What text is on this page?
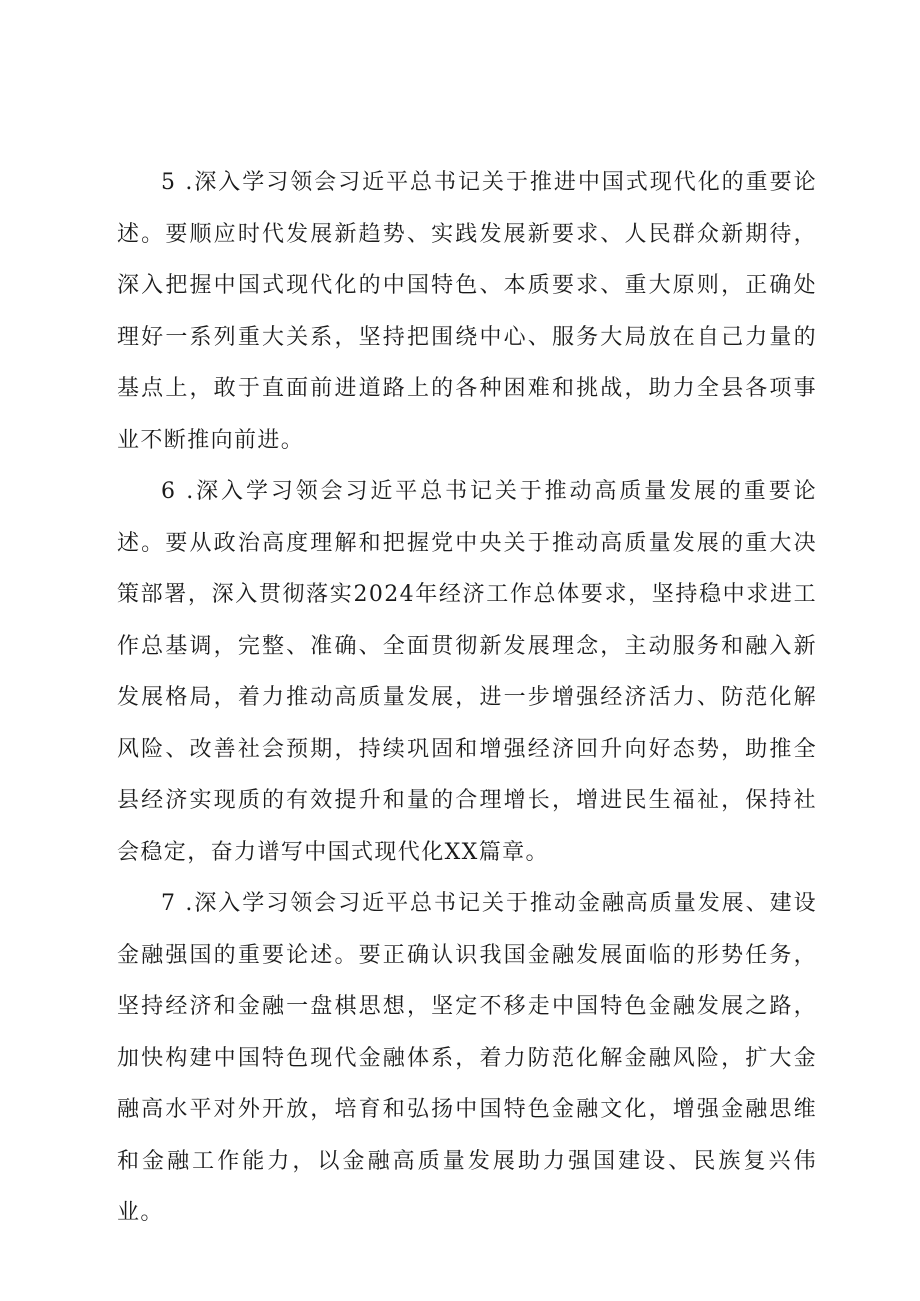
5 .深入学习领会习近平总书记关于推进中国式现代化的重要论述。要顺应时代发展新趋势、实践发展新要求、人民群众新期待，深入把握中国式现代化的中国特色、本质要求、重大原则，正确处理好一系列重大关系，坚持把围绕中心、服务大局放在自己力量的基点上，敢于直面前进道路上的各种困难和挑战，助力全县各项事业不断推向前进。

6 .深入学习领会习近平总书记关于推动高质量发展的重要论述。要从政治高度理解和把握党中央关于推动高质量发展的重大决策部署，深入贯彻落实2024年经济工作总体要求，坚持稳中求进工作总基调，完整、准确、全面贯彻新发展理念，主动服务和融入新发展格局，着力推动高质量发展，进一步增强经济活力、防范化解风险、改善社会预期，持续巩固和增强经济回升向好态势，助推全县经济实现质的有效提升和量的合理增长，增进民生福祉，保持社会稳定，奋力谱写中国式现代化XX篇章。

7 .深入学习领会习近平总书记关于推动金融高质量发展、建设金融强国的重要论述。要正确认识我国金融发展面临的形势任务，坚持经济和金融一盘棋思想，坚定不移走中国特色金融发展之路，加快构建中国特色现代金融体系，着力防范化解金融风险，扩大金融高水平对外开放，培育和弘扬中国特色金融文化，增强金融思维和金融工作能力，以金融高质量发展助力强国建设、民族复兴伟业。
